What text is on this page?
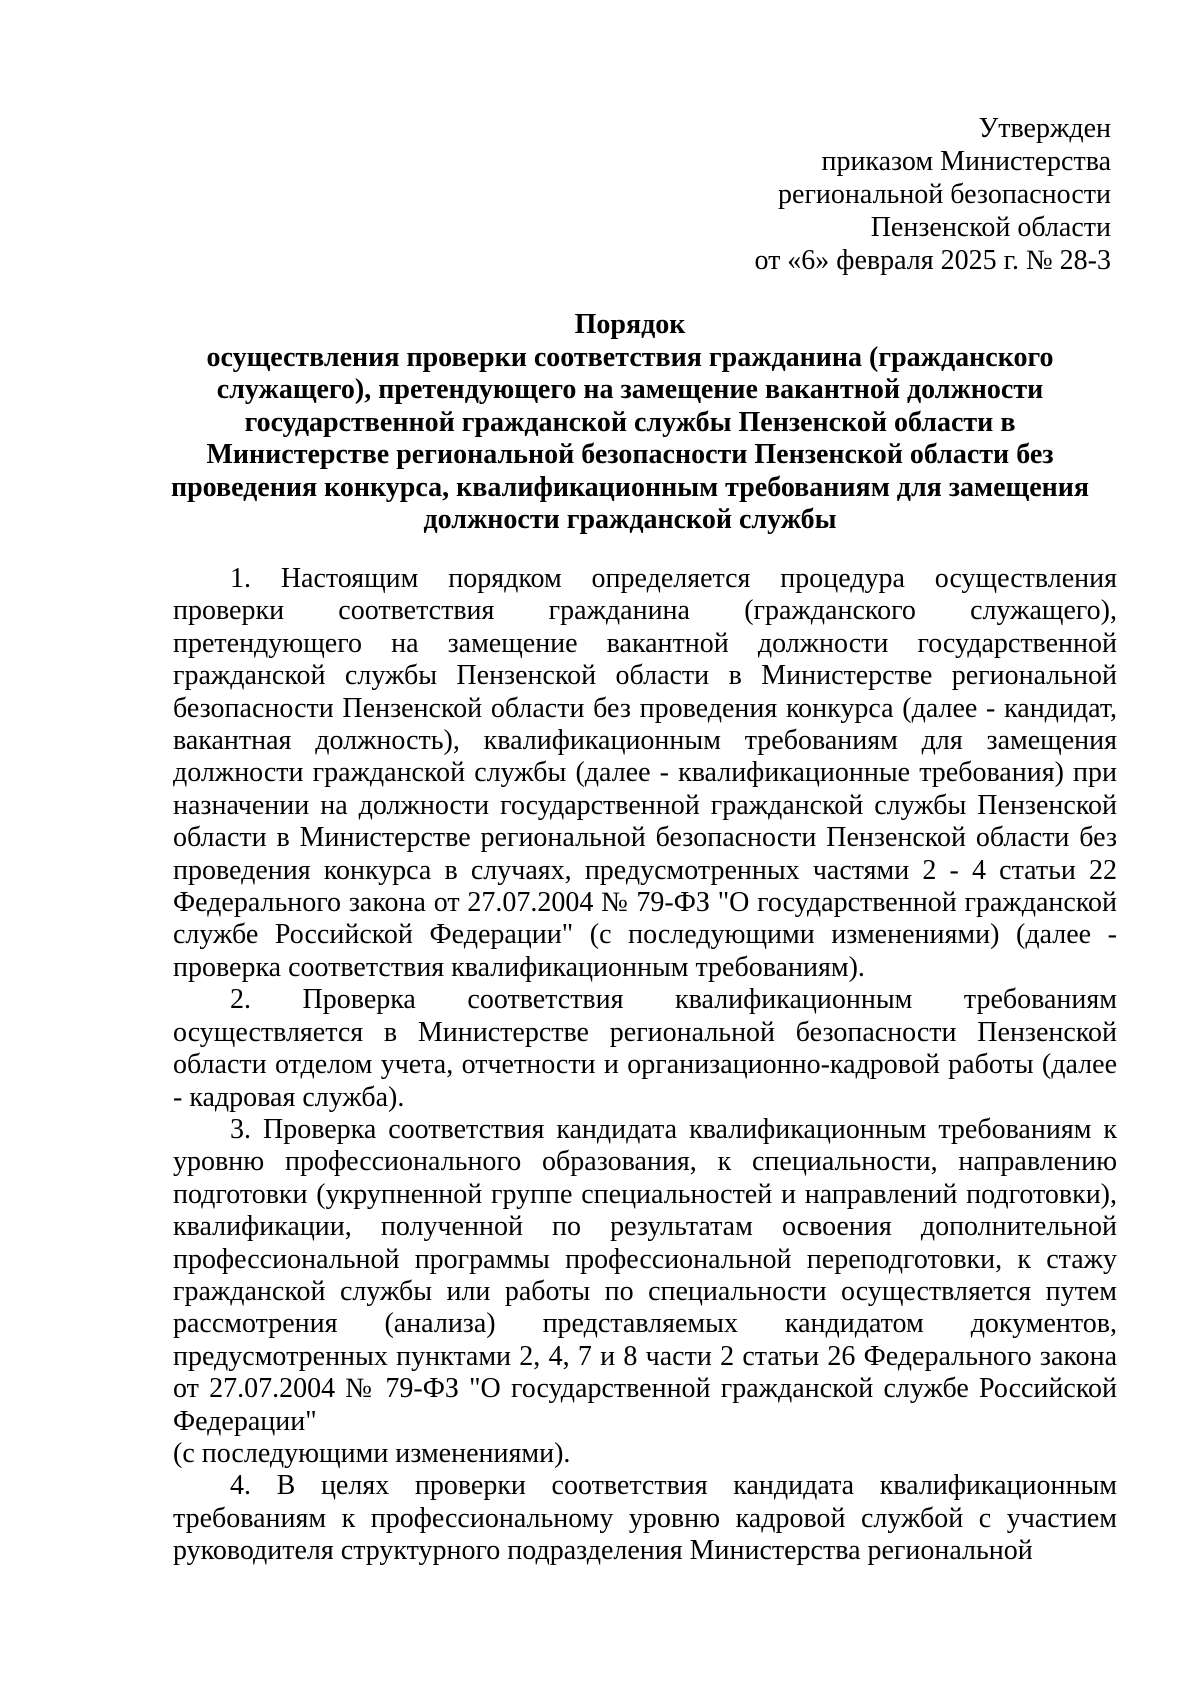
Утвержден
приказом Министерства
региональной безопасности
Пензенской области
от «6» февраля 2025 г. № 28-3
Порядок
осуществления проверки соответствия гражданина (гражданского
служащего), претендующего на замещение вакантной должности
государственной гражданской службы Пензенской области в
Министерстве региональной безопасности Пензенской области без
проведения конкурса, квалификационным требованиям для замещения
должности гражданской службы

1. Настоящим порядком определяется процедура осуществления проверки соответствия гражданина (гражданского служащего), претендующего на замещение вакантной должности государственной гражданской службы Пензенской области в Министерстве региональной безопасности Пензенской области без проведения конкурса (далее - кандидат, вакантная должность), квалификационным требованиям для замещения должности гражданской службы (далее - квалификационные требования) при назначении на должности государственной гражданской службы Пензенской области в Министерстве региональной безопасности Пензенской области без проведения конкурса в случаях, предусмотренных частями 2 - 4 статьи 22 Федерального закона от 27.07.2004 № 79-ФЗ "О государственной гражданской службе Российской Федерации" (с последующими изменениями) (далее - проверка соответствия квалификационным требованиям).

2. Проверка соответствия квалификационным требованиям осуществляется в Министерстве региональной безопасности Пензенской области отделом учета, отчетности и организационно-кадровой работы (далее - кадровая служба).

3. Проверка соответствия кандидата квалификационным требованиям к уровню профессионального образования, к специальности, направлению подготовки (укрупненной группе специальностей и направлений подготовки), квалификации, полученной по результатам освоения дополнительной профессиональной программы профессиональной переподготовки, к стажу гражданской службы или работы по специальности осуществляется путем рассмотрения (анализа) представляемых кандидатом документов, предусмотренных пунктами 2, 4, 7 и 8 части 2 статьи 26 Федерального закона от 27.07.2004 № 79-ФЗ "О государственной гражданской службе Российской Федерации"

(с последующими изменениями).

4. В целях проверки соответствия кандидата квалификационным требованиям к профессиональному уровню кадровой службой с участием руководителя структурного подразделения Министерства региональной
